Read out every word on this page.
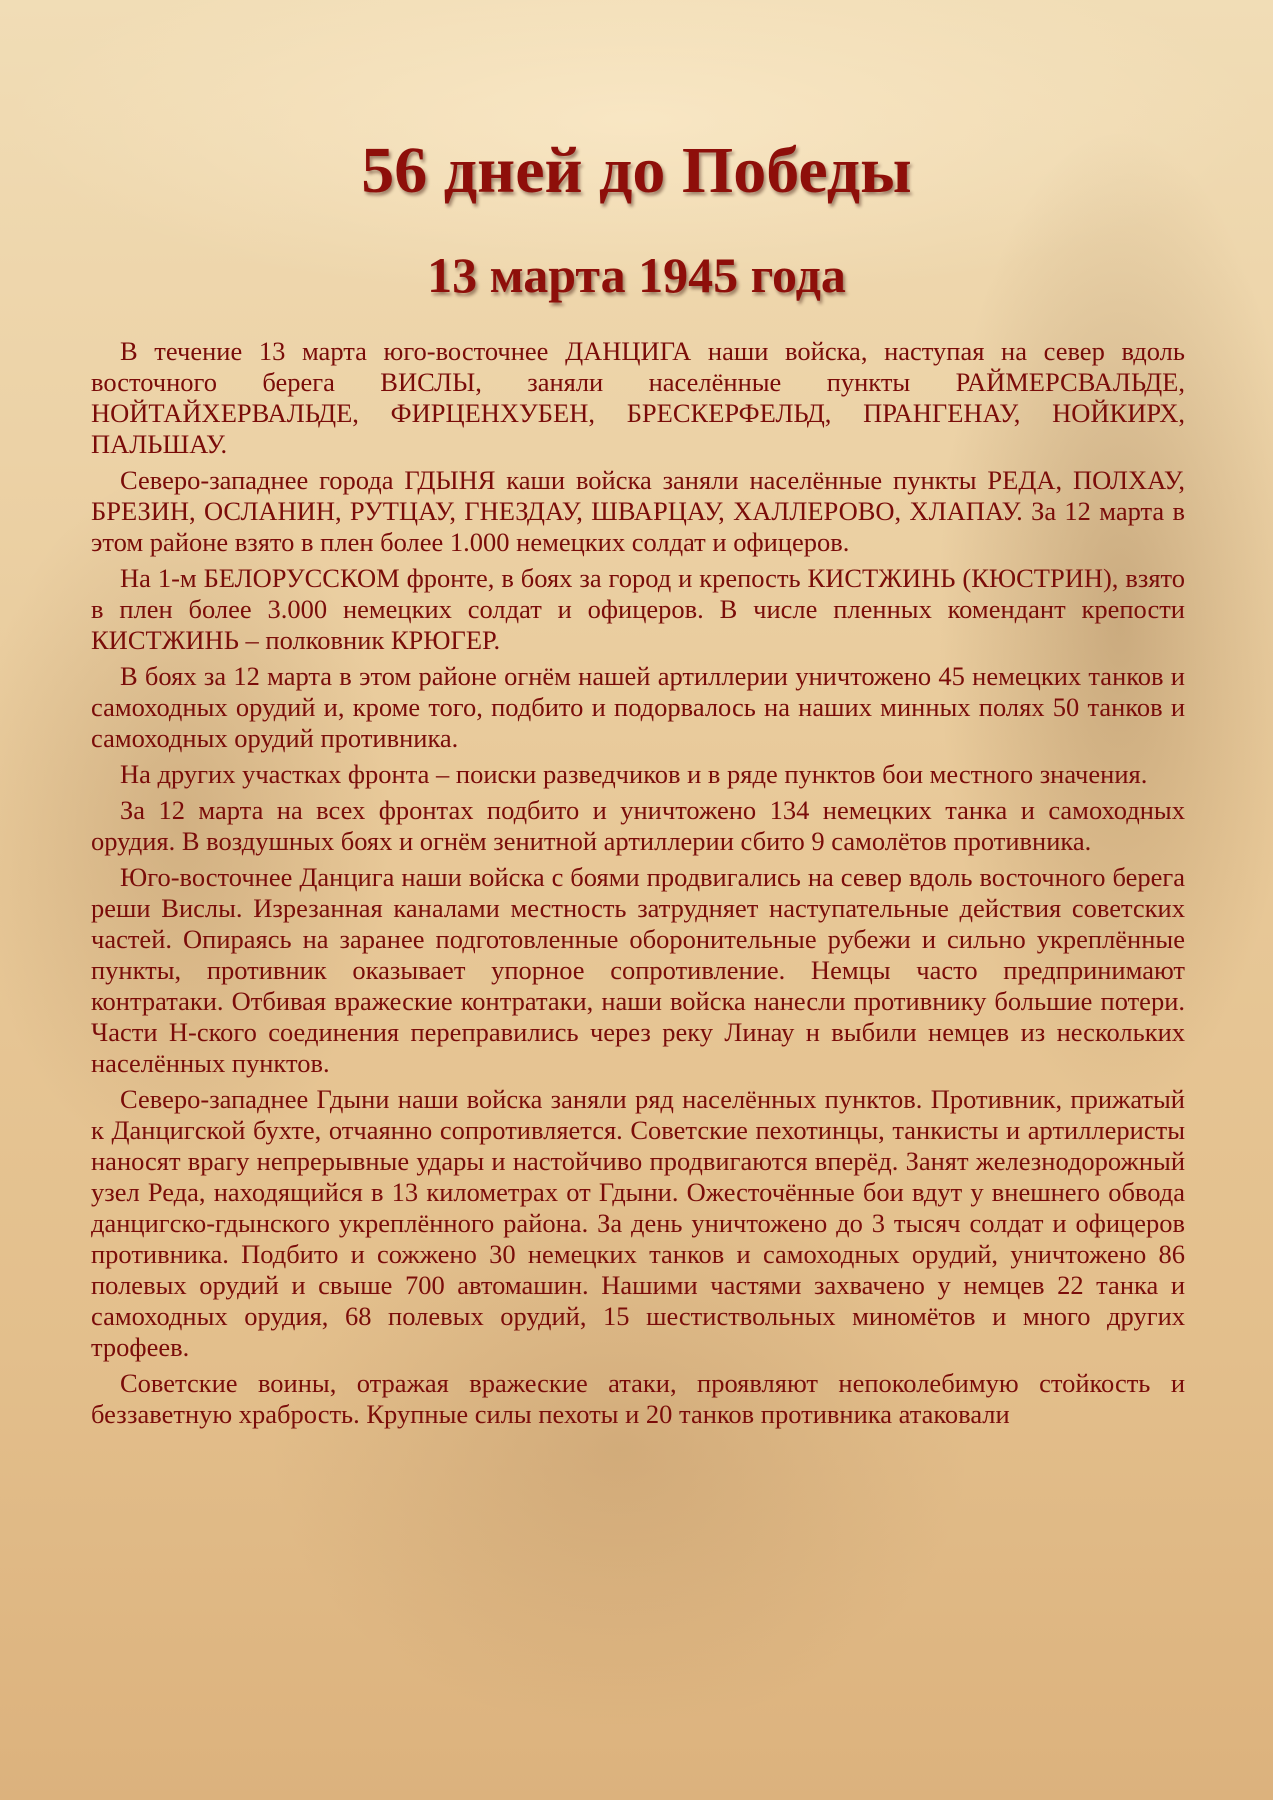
56 дней до Победы
13 марта 1945 года

В течение 13 марта юго-восточнее ДАНЦИГА наши войска, наступая на север вдоль восточного берега ВИСЛЫ, заняли населённые пункты РАЙМЕРСВАЛЬДЕ, НОЙТАЙХЕРВАЛЬДЕ, ФИРЦЕНХУБЕН, БРЕСКЕРФЕЛЬД, ПРАНГЕНАУ, НОЙКИРХ, ПАЛЬШАУ.

Северо-западнее города ГДЫНЯ каши войска заняли населённые пункты РЕДА, ПОЛХАУ, БРЕЗИН, ОСЛАНИН, РУТЦАУ, ГНЕЗДАУ, ШВАРЦАУ, ХАЛЛЕРОВО, ХЛАПАУ. За 12 марта в этом районе взято в плен более 1.000 немецких солдат и офицеров.

На 1-м БЕЛОРУССКОМ фронте, в боях за город и крепость КИСТЖИНЬ (КЮСТРИН), взято в плен более 3.000 немецких солдат и офицеров. В числе пленных комендант крепости КИСТЖИНЬ – полковник КРЮГЕР.

В боях за 12 марта в этом районе огнём нашей артиллерии уничтожено 45 немецких танков и самоходных орудий и, кроме того, подбито и подорвалось на наших минных полях 50 танков и самоходных орудий противника.

На других участках фронта – поиски разведчиков и в ряде пунктов бои местного значения.

За 12 марта на всех фронтах подбито и уничтожено 134 немецких танка и самоходных орудия. В воздушных боях и огнём зенитной артиллерии сбито 9 самолётов противника.

Юго-восточнее Данцига наши войска с боями продвигались на север вдоль восточного берега реши Вислы. Изрезанная каналами местность затрудняет наступательные действия советских частей. Опираясь на заранее подготовленные оборонительные рубежи и сильно укреплённые пункты, противник оказывает упорное сопротивление. Немцы часто предпринимают контратаки. Отбивая вражеские контратаки, наши войска нанесли противнику большие потери. Части Н-ского соединения переправились через реку Линау н выбили немцев из нескольких населённых пунктов.

Северо-западнее Гдыни наши войска заняли ряд населённых пунктов. Противник, прижатый к Данцигской бухте, отчаянно сопротивляется. Советские пехотинцы, танкисты и артиллеристы наносят врагу непрерывные удары и настойчиво продвигаются вперёд. Занят железнодорожный узел Реда, находящийся в 13 километрах от Гдыни. Ожесточённые бои вдут у внешнего обвода данцигско-гдынского укреплённого района. За день уничтожено до 3 тысяч солдат и офицеров противника. Подбито и сожжено 30 немецких танков и самоходных орудий, уничтожено 86 полевых орудий и свыше 700 автомашин. Нашими частями захвачено у немцев 22 танка и самоходных орудия, 68 полевых орудий, 15 шестиствольных миномётов и много других трофеев.

Советские воины, отражая вражеские атаки, проявляют непоколебимую стойкость и беззаветную храбрость. Крупные силы пехоты и 20 танков противника атаковали
